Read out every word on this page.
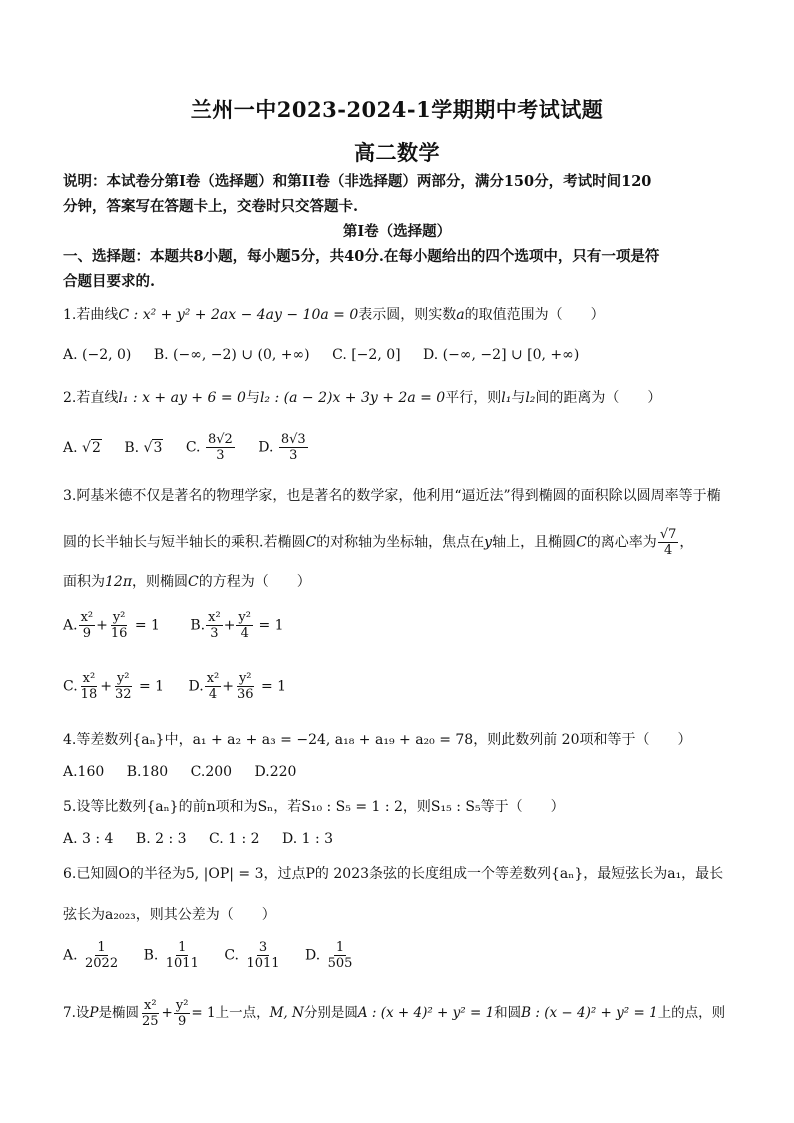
兰州一中2023-2024-1学期期中考试试题
高二数学
说明：本试卷分第I卷（选择题）和第II卷（非选择题）两部分，满分150分，考试时间120
分钟，答案写在答题卡上，交卷时只交答题卡.
第I卷（选择题）
一、选择题：本题共8小题，每小题5分，共40分.在每小题给出的四个选项中，只有一项是符
合题目要求的.
1.若曲线C : x² + y² + 2ax − 4ay − 10a = 0表示圆，则实数a的取值范围为（　　）
A. (−2, 0) B. (−∞, −2) ∪ (0, +∞) C. [−2, 0] D. (−∞, −2] ∪ [0, +∞)
2.若直线l₁ : x + ay + 6 = 0与l₂ : (a − 2)x + 3y + 2a = 0平行，则l₁与l₂间的距离为（　　）
A. √2 B. √3 C. $\frac{8√2}{3} D$. $\frac{8√3}{3}$
3.阿基米德不仅是著名的物理学家，也是著名的数学家，他利用“逼近法”得到椭圆的面积除以圆周率等于椭
圆的长半轴长与短半轴长的乘积.若椭圆C的对称轴为坐标轴，焦点在y轴上，且椭圆C的离心率为 $\frac{√7}{4}$ ，
面积为12π，则椭圆C的方程为（　　）
A. $\frac{\text{x²}}{9} + \frac{\text{y²}}{16} = 1$ B. $\frac{\text{x²}}{3} + \frac{\text{y²}}{4} = 1$
C. $\frac{\text{x²}}{18} + \frac{\text{y²}}{32} = 1$ D. $\frac{\text{x²}}{4} + \frac{\text{y²}}{36} = 1$
4.等差数列{aₙ}中，a₁ + a₂ + a₃ = −24, a₁₈ + a₁₉ + a₂₀ = 78，则此数列前 20项和等于（　　）
A.160 B.180 C.200 D.220
5.设等比数列{aₙ}的前n项和为Sₙ，若S₁₀ : S₅ = 1 : 2，则S₁₅ : S₅等于（　　）
A. 3 : 4 B. 2 : 3 C. 1 : 2 D. 1 : 3
6.已知圆O的半径为5, |OP| = 3，过点P的 2023条弦的长度组成一个等差数列{aₙ}，最短弦长为a₁，最长
弦长为a₂₀₂₃，则其公差为（　　）
A. $\frac{1}{2022} B$. $\frac{1}{1011} C$. $\frac{3}{1011} D$. $\frac{1}{505}$
7.设P是椭圆 $\frac{\text{x²}}{25} + \frac{\text{y²}}{9} = 1$上一点，M, N分别是圆A : (x + 4)² + y² = 1和圆B : (x − 4)² + y² = 1上的点，则
